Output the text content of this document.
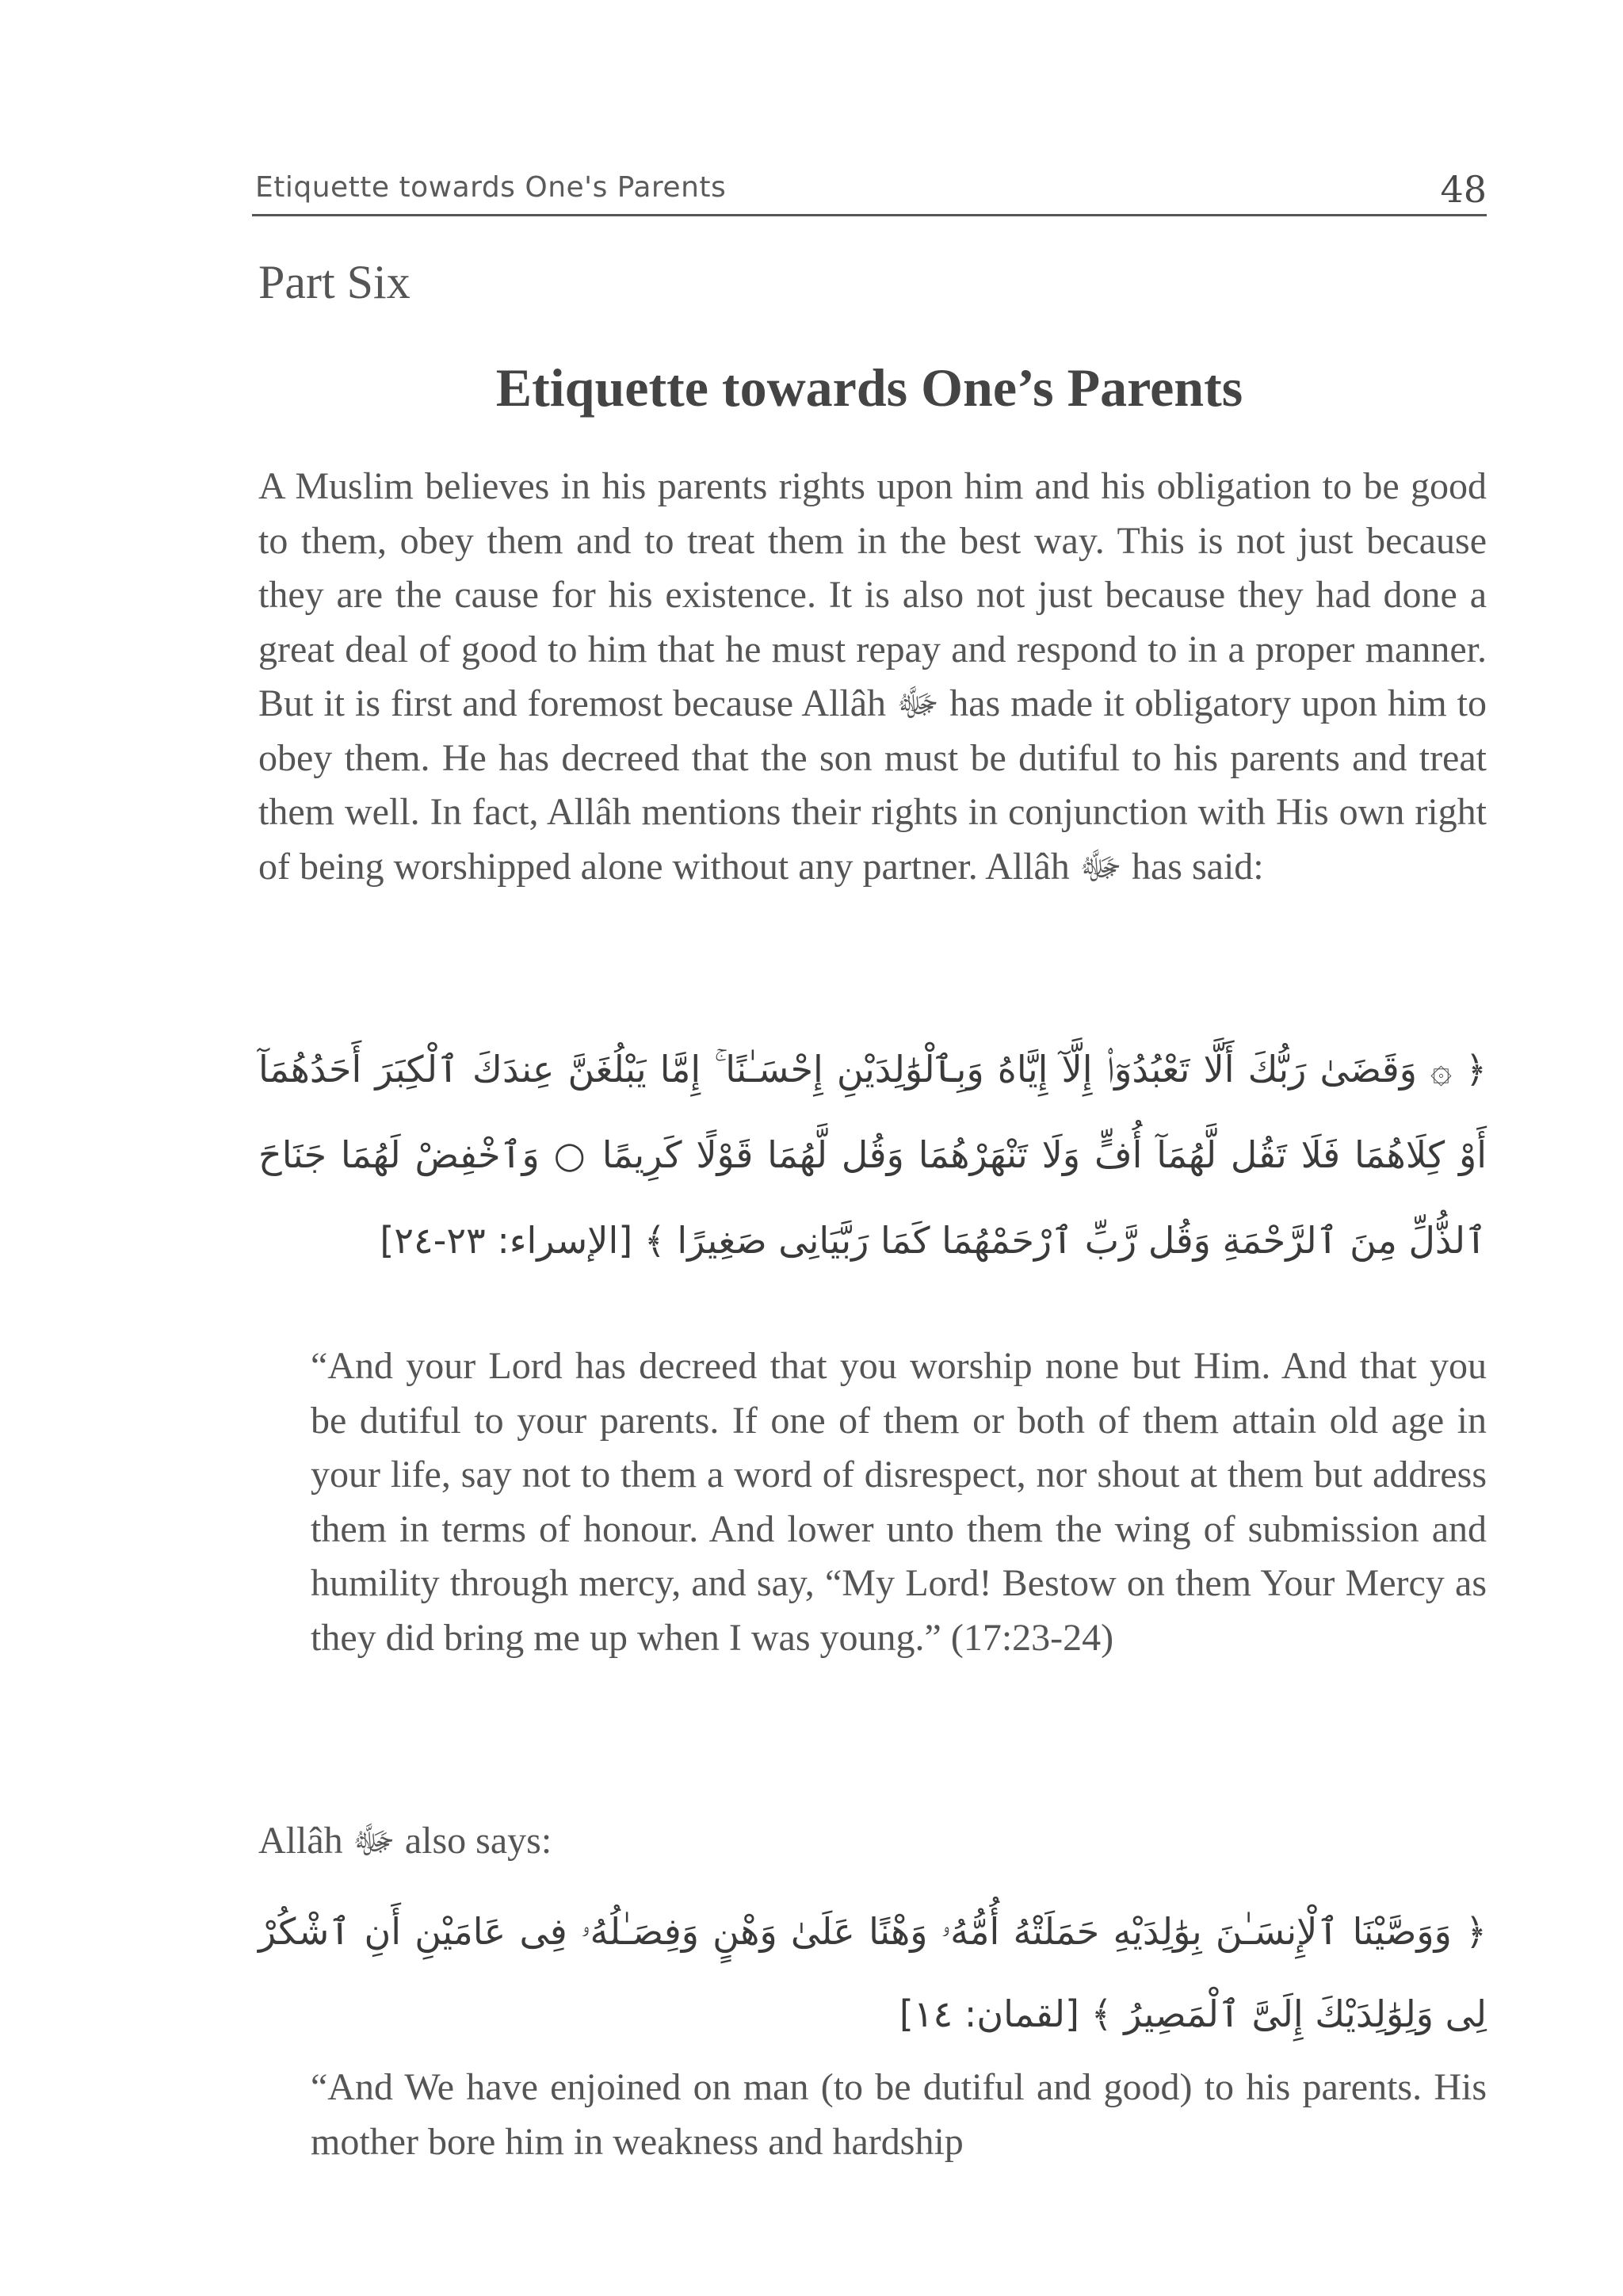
Etiquette towards One's Parents	48
Part Six
Etiquette towards One’s Parents

A Muslim believes in his parents rights upon him and his obligation to be good to them, obey them and to treat them in the best way. This is not just because they are the cause for his existence. It is also not just because they had done a great deal of good to him that he must repay and respond to in a proper manner. But it is first and foremost because Allâh ﷻ has made it obligatory upon him to obey them. He has decreed that the son must be dutiful to his parents and treat them well. In fact, Allâh mentions their rights in conjunction with His own right of being worshipped alone without any partner. Allâh ﷻ has said:

﴿ ۞ وَقَضَىٰ رَبُّكَ أَلَّا تَعْبُدُوٓا۟ إِلَّآ إِيَّاهُ وَبِٱلْوَٰلِدَيْنِ إِحْسَـٰنًا ۚ إِمَّا يَبْلُغَنَّ عِندَكَ ٱلْكِبَرَ أَحَدُهُمَآ أَوْ كِلَاهُمَا فَلَا تَقُل لَّهُمَآ أُفٍّ وَلَا تَنْهَرْهُمَا وَقُل لَّهُمَا قَوْلًا كَرِيمًا ○ وَٱخْفِضْ لَهُمَا جَنَاحَ ٱلذُّلِّ مِنَ ٱلرَّحْمَةِ وَقُل رَّبِّ ٱرْحَمْهُمَا كَمَا رَبَّيَانِى صَغِيرًا ﴾ [الإسراء: ٢٣-٢٤]

“And your Lord has decreed that you worship none but Him. And that you be dutiful to your parents. If one of them or both of them attain old age in your life, say not to them a word of disrespect, nor shout at them but address them in terms of honour. And lower unto them the wing of submission and humility through mercy, and say, “My Lord! Bestow on them Your Mercy as they did bring me up when I was young.” (17:23-24)

Allâh ﷻ also says:

﴿ وَوَصَّيْنَا ٱلْإِنسَـٰنَ بِوَٰلِدَيْهِ حَمَلَتْهُ أُمُّهُۥ وَهْنًا عَلَىٰ وَهْنٍ وَفِصَـٰلُهُۥ فِى عَامَيْنِ أَنِ ٱشْكُرْ لِى وَلِوَٰلِدَيْكَ إِلَىَّ ٱلْمَصِيرُ ﴾ [لقمان: ١٤]

“And We have enjoined on man (to be dutiful and good) to his parents. His mother bore him in weakness and hardship
